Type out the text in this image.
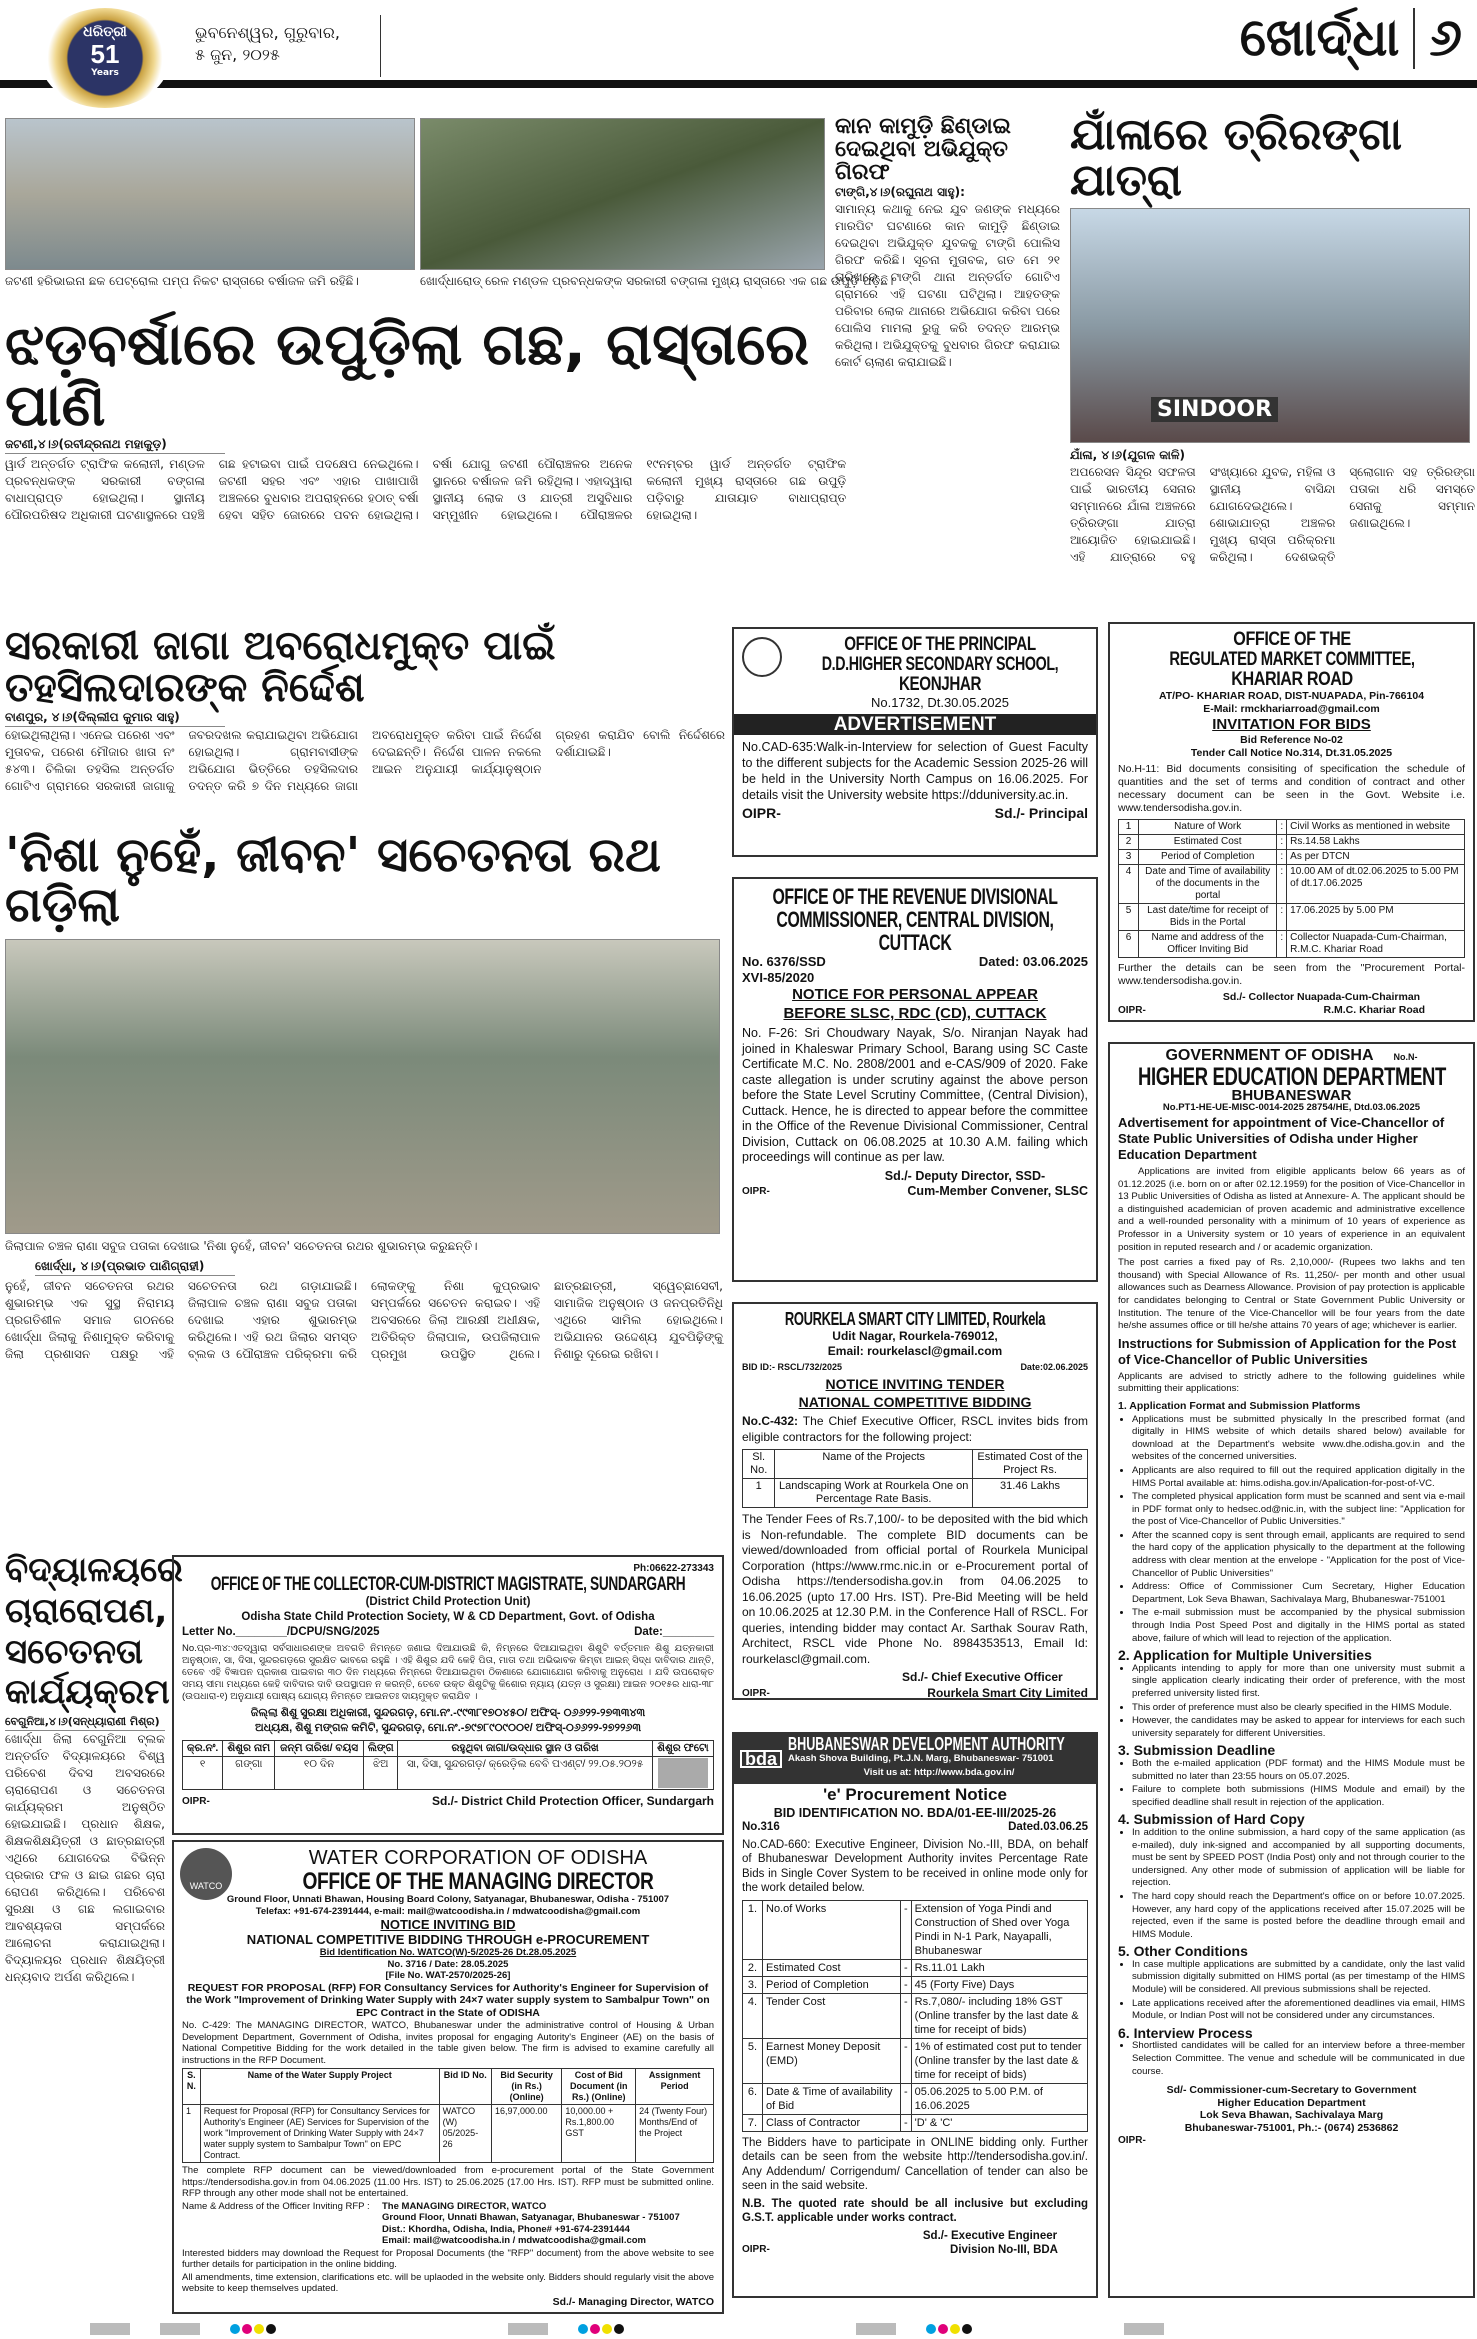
ଧରିତ୍ରୀ
51
Years
ଭୁବନେଶ୍ୱର, ଗୁରୁବାର,
୫ ଜୁନ, ୨୦୨୫	ଖୋର୍ଦ୍ଧା ୬
ଜଟଣୀ ହରିଭାଇନା ଛକ ପେଟ୍ରୋଲ ପମ୍ପ ନିକଟ ରାସ୍ତାରେ ବର୍ଷାଜଳ ଜମି ରହିଛି।	ଖୋର୍ଦ୍ଧାରୋଡ୍ ରେଳ ମଣ୍ଡଳ ପ୍ରବନ୍ଧକଙ୍କ ସରକାରୀ ବଙ୍ଗଳା ମୁଖ୍ୟ ରାସ୍ତାରେ ଏକ ଗଛ ଉପୁଡ଼ି ପଡ଼ିଛି।
ଝଡ଼ବର୍ଷାରେ ଉପୁଡ଼ିଲା ଗଛ, ରାସ୍ତାରେ ପାଣି
ଜଟଣୀ,୪।୬(ରବୀନ୍ଦ୍ରନାଥ ମହାକୁଡ଼)
ୱାର୍ଡ ଅନ୍ତର୍ଗତ ଟ୍ରାଫିକ କଲୋନୀ, ମଣ୍ଡଳ ପ୍ରବନ୍ଧକଙ୍କ ସରକାରୀ ବଙ୍ଗଳା ବାଧାପ୍ରାପ୍ତ ହୋଇଥିଲା। ସ୍ଥାନୀୟ ପୌରପରିଷଦ ଅଧିକାରୀ ଘଟଣାସ୍ଥଳରେ ପହଞ୍ଚି ଗଛ ହଟାଇବା ପାଇଁ ପଦକ୍ଷେପ ନେଇଥିଲେ। ଜଟଣୀ ସହର ଏବଂ ଏହାର ପାଖାପାଖି ଅଞ୍ଚଳରେ ବୁଧବାର ଅପରାହ୍ନରେ ହଠାତ୍ ବର୍ଷା ହେବା ସହିତ ଜୋରରେ ପବନ ହୋଇଥିଲା। ବର୍ଷା ଯୋଗୁ ଜଟଣୀ ପୌରାଞ୍ଚଳର ଅନେକ ସ୍ଥାନରେ ବର୍ଷାଜଳ ଜମି ରହିଥିଲା। ଏହାଦ୍ୱାରା ସ୍ଥାନୀୟ ଲୋକ ଓ ଯାତ୍ରୀ ଅସୁବିଧାର ସମ୍ମୁଖୀନ ହୋଇଥିଲେ। ପୌରାଞ୍ଚଳର ୧୯ନମ୍ବର ୱାର୍ଡ ଅନ୍ତର୍ଗତ ଟ୍ରାଫିକ କଲୋନୀ ମୁଖ୍ୟ ରାସ୍ତାରେ ଗଛ ଉପୁଡ଼ି ପଡ଼ିବାରୁ ଯାତାୟାତ ବାଧାପ୍ରାପ୍ତ ହୋଇଥିଲା।
କାନ କାମୁଡ଼ି ଛିଣ୍ଡାଇ ଦେଇଥିବା ଅଭିଯୁକ୍ତ ଗିରଫ
ଟାଙ୍ଗି,୪।୬(ରଘୁନାଥ ସାହୁ):
ସାମାନ୍ୟ କଥାକୁ ନେଇ ଯୁବ ଜଣଙ୍କ ମଧ୍ୟରେ ମାରପିଟ ଘଟଣାରେ କାନ କାମୁଡ଼ି ଛିଣ୍ଡାଇ ଦେଇଥିବା ଅଭିଯୁକ୍ତ ଯୁବକକୁ ଟାଙ୍ଗି ପୋଲିସ ଗିରଫ କରିଛି। ସୂଚନା ମୁତାବକ, ଗତ ମେ ୨୧ ତାରିଖରେ ଟାଙ୍ଗି ଥାନା ଅନ୍ତର୍ଗତ ଗୋଟିଏ ଗ୍ରାମରେ ଏହି ଘଟଣା ଘଟିଥିଲା। ଆହତଙ୍କ ପରିବାର ଲୋକ ଥାନାରେ ଅଭିଯୋଗ କରିବା ପରେ ପୋଲିସ ମାମଲା ରୁଜୁ କରି ତଦନ୍ତ ଆରମ୍ଭ କରିଥିଲା। ଅଭିଯୁକ୍ତକୁ ବୁଧବାର ଗିରଫ କରାଯାଇ କୋର୍ଟ ଚାଲାଣ କରାଯାଇଛି।
ଯାଁଳାରେ ତ୍ରିରଙ୍ଗା ଯାତ୍ରା
SINDOOR
ଯାଁଳା, ୪।୬(ଯୁଗଳ କାଳି)
ଅପରେସନ ସିନ୍ଦୂର ସଫଳତା ପାଇଁ ଭାରତୀୟ ସେନାର ସମ୍ମାନରେ ଯାଁଳା ଅଞ୍ଚଳରେ ତ୍ରିରଙ୍ଗା ଯାତ୍ରା ଆୟୋଜିତ ହୋଇଯାଇଛି। ଏହି ଯାତ୍ରାରେ ବହୁ ସଂଖ୍ୟାରେ ଯୁବକ, ମହିଳା ଓ ସ୍ଥାନୀୟ ବାସିନ୍ଦା ଯୋଗଦେଇଥିଲେ। ଶୋଭାଯାତ୍ରା ଅଞ୍ଚଳର ମୁଖ୍ୟ ରାସ୍ତା ପରିକ୍ରମା କରିଥିଲା। ଦେଶଭକ୍ତି ସ୍ଲୋଗାନ ସହ ତ୍ରିରଙ୍ଗା ପତାକା ଧରି ସମସ୍ତେ ସେନାକୁ ସମ୍ମାନ ଜଣାଇଥିଲେ।
ସରକାରୀ ଜାଗା ଅବରୋଧମୁକ୍ତ ପାଇଁ ତହସିଲଦାରଙ୍କ ନିର୍ଦ୍ଦେଶ
ବାଣପୁର, ୪।୬(ଦିଲ୍ଲୀପ କୁମାର ସାହୁ)
ହୋଇଥିଲାଥିଲା। ଏନେଇ ପରେଶ ଏବଂ ମୁତାବକ, ପରେଶ ମୌଜାର ଖାତା ନଂ ୫୪୩। ଚିଲିକା ତହସିଲ ଅନ୍ତର୍ଗତ ଗୋଟିଏ ଗ୍ରାମରେ ସରକାରୀ ଜାଗାକୁ ଜବରଦଖଲ କରାଯାଇଥିବା ଅଭିଯୋଗ ହୋଇଥିଲା। ଗ୍ରାମବାସୀଙ୍କ ଅଭିଯୋଗ ଭିତ୍ତିରେ ତହସିଲଦାର ତଦନ୍ତ କରି ୭ ଦିନ ମଧ୍ୟରେ ଜାଗା ଅବରୋଧମୁକ୍ତ କରିବା ପାଇଁ ନିର୍ଦ୍ଦେଶ ଦେଇଛନ୍ତି। ନିର୍ଦ୍ଦେଶ ପାଳନ ନକଲେ ଆଇନ ଅନୁଯାୟୀ କାର୍ଯ୍ୟାନୁଷ୍ଠାନ ଗ୍ରହଣ କରାଯିବ ବୋଲି ନିର୍ଦ୍ଦେଶରେ ଦର୍ଶାଯାଇଛି।
'ନିଶା ନୁହେଁ, ଜୀବନ' ସଚେତନତା ରଥ ଗଡ଼ିଲା
ଜିଲାପାଳ ଚଞ୍ଚଳ ରାଣା ସବୁଜ ପତାକା ଦେଖାଇ 'ନିଶା ନୁହେଁ, ଜୀବନ' ସଚେତନତା ରଥର ଶୁଭାରମ୍ଭ କରୁଛନ୍ତି।
ଖୋର୍ଦ୍ଧା, ୪।୬(ପ୍ରଭାତ ପାଣିଗ୍ରାହୀ)
ନୁହେଁ, ଜୀବନ ସଚେତନତା ରଥର ଶୁଭାରମ୍ଭ ଏକ ସୁସ୍ଥ ନିରାମୟ ପ୍ରଗତିଶୀଳ ସମାଜ ଗଠନରେ ଖୋର୍ଦ୍ଧା ଜିଲାକୁ ନିଶାମୁକ୍ତ କରିବାକୁ ଜିଲା ପ୍ରଶାସନ ପକ୍ଷରୁ ଏହି ସଚେତନତା ରଥ ଗଡ଼ାଯାଇଛି। ଜିଲାପାଳ ଚଞ୍ଚଳ ରାଣା ସବୁଜ ପତାକା ଦେଖାଇ ଏହାର ଶୁଭାରମ୍ଭ କରିଥିଲେ। ଏହି ରଥ ଜିଲାର ସମସ୍ତ ବ୍ଲକ ଓ ପୌରାଞ୍ଚଳ ପରିକ୍ରମା କରି ଲୋକଙ୍କୁ ନିଶା କୁପ୍ରଭାବ ସମ୍ପର୍କରେ ସଚେତନ କରାଇବ। ଏହି ଅବସରରେ ଜିଲା ଆରକ୍ଷୀ ଅଧୀକ୍ଷକ, ଅତିରିକ୍ତ ଜିଲାପାଳ, ଉପଜିଲାପାଳ ପ୍ରମୁଖ ଉପସ୍ଥିତ ଥିଲେ। ଛାତ୍ରଛାତ୍ରୀ, ସ୍ୱେଚ୍ଛାସେବୀ, ସାମାଜିକ ଅନୁଷ୍ଠାନ ଓ ଜନପ୍ରତିନିଧି ଏଥିରେ ସାମିଲ ହୋଇଥିଲେ। ଅଭିଯାନର ଉଦ୍ଦେଶ୍ୟ ଯୁବପିଢ଼ିଙ୍କୁ ନିଶାରୁ ଦୂରେଇ ରଖିବା।
ବିଦ୍ୟାଳୟରେ ଚାରାରୋପଣ, ସଚେତନତା କାର୍ଯ୍ୟକ୍ରମ
ବେଗୁନିଆ,୪।୬(ସନ୍ଧ୍ୟାରାଣୀ ମିଶ୍ର)
ଖୋର୍ଦ୍ଧା ଜିଲା ବେଗୁନିଆ ବ୍ଲକ ଅନ୍ତର୍ଗତ ବିଦ୍ୟାଳୟରେ ବିଶ୍ୱ ପରିବେଶ ଦିବସ ଅବସରରେ ଚାରାରୋପଣ ଓ ସଚେତନତା କାର୍ଯ୍ୟକ୍ରମ ଅନୁଷ୍ଠିତ ହୋଇଯାଇଛି। ପ୍ରଧାନ ଶିକ୍ଷକ, ଶିକ୍ଷକଶିକ୍ଷୟିତ୍ରୀ ଓ ଛାତ୍ରଛାତ୍ରୀ ଏଥିରେ ଯୋଗଦେଇ ବିଭିନ୍ନ ପ୍ରକାର ଫଳ ଓ ଛାଇ ଗଛର ଚାରା ରୋପଣ କରିଥିଲେ। ପରିବେଶ ସୁରକ୍ଷା ଓ ଗଛ ଲଗାଇବାର ଆବଶ୍ୟକତା ସମ୍ପର୍କରେ ଆଲୋଚନା କରାଯାଇଥିଲା। ବିଦ୍ୟାଳୟର ପ୍ରଧାନ ଶିକ୍ଷୟିତ୍ରୀ ଧନ୍ୟବାଦ ଅର୍ପଣ କରିଥିଲେ।
Ph:06622-273343
OFFICE OF THE COLLECTOR-CUM-DISTRICT MAGISTRATE, SUNDARGARH
(District Child Protection Unit)
Odisha State Child Protection Society, W & CD Department, Govt. of Odisha
Letter No.________/DCPU/SNG/2025	Date:________

No.ପ୍ର-୩୪:ଏତଦ୍ୱାରା ସର୍ବସାଧାରଣଙ୍କ ଅବଗତି ନିମନ୍ତେ ଜଣାଇ ଦିଆଯାଉଛି କି, ନିମ୍ନରେ ଦିଆଯାଇଥିବା ଶିଶୁଟି ବର୍ତ୍ତମାନ ଶିଶୁ ଯତ୍ନକାରୀ ଅନୁଷ୍ଠାନ, ସା, ଦିସା, ସୁନ୍ଦରଗଡ଼ରେ ସୁରକ୍ଷିତ ଭାବରେ ରହୁଛି । ଏହି ଶିଶୁର ଯଦି କେହି ପିତା, ମାତା ତଥା ଅଭିଭାବକ କିମ୍ବା ଆଇନ୍ ସିଦ୍ଧ ଦାବିଦାର ଥାନ୍ତି, ତେବେ ଏହି ବିଜ୍ଞାପନ ପ୍ରକାଶ ପାଇବାର ୩୦ ଦିନ ମଧ୍ୟରେ ନିମ୍ନରେ ଦିଆଯାଇଥିବା ଠିକଣାରେ ଯୋଗାଯୋଗ କରିବାକୁ ଅନୁରୋଧ । ଯଦି ଉପରୋକ୍ତ ସମୟ ସୀମା ମଧ୍ୟରେ କେହି ଦାବିଦାର ଦାବି ଉପସ୍ଥାପନ ନ କରନ୍ତି, ତେବେ ଉକ୍ତ ଶିଶୁଟିକୁ କିଶୋର ନ୍ୟାୟ (ଯତ୍ନ ଓ ସୁରକ୍ଷା) ଆଇନ ୨୦୧୫ର ଧାରା-୩୮ (ଉପଧାରା-୧) ଅନୁଯାୟୀ ପୋଷ୍ୟ ଯୋଗ୍ୟ ନିମନ୍ତେ ଆଇନତଃ ଦାୟମୁକ୍ତ କରାଯିବ ।

ଜିଲ୍ଲା ଶିଶୁ ସୁରକ୍ଷା ଅଧିକାରୀ, ସୁନ୍ଦରଗଡ଼, ମୋ.ନଂ.-୯୯୩୮୧୭୦୪୫୦/ ଅଫିସ୍- ୦୬୬୨୨-୨୭୩୩୪୩
ଅଧ୍ୟକ୍ଷ, ଶିଶୁ ମଙ୍ଗଳ କମିଟି, ସୁନ୍ଦରଗଡ଼, ମୋ.ନଂ.-୭୯୭୮୯୦୯୦୦୧/ ଅଫିସ୍-୦୬୬୨୨-୨୭୨୨୬୩
କ୍ର.ନଂ.	ଶିଶୁର ନାମ	ଜନ୍ମ ତାରିଖ/ ବୟସ	ଲିଙ୍ଗ	ରହୁଥିବା ଜାଗା/ଉଦ୍ଧାର ସ୍ଥାନ ଓ ତାରିଖ	ଶିଶୁର ଫଟୋ
୧	ଗଙ୍ଗା	୧୦ ଦିନ	ଝିଅ	ସା, ଦିସା, ସୁନ୍ଦରଗଡ଼/ କ୍ରେଡ଼ିଲ ବେବି ପଏଣ୍ଟ/ ୨୨.୦୫.୨୦୨୫	
OIPR-	Sd./- District Child Protection Officer, Sundargarh
WATCO
WATER CORPORATION OF ODISHA
OFFICE OF THE MANAGING DIRECTOR
Ground Floor, Unnati Bhawan, Housing Board Colony, Satyanagar, Bhubaneswar, Odisha - 751007
Telefax: +91-674-2391444, e-mail: mail@watcoodisha.in / mdwatcoodisha@gmail.com
NOTICE INVITING BID
NATIONAL COMPETITIVE BIDDING THROUGH e-PROCUREMENT
Bid Identification No. WATCO(W)-5/2025-26 Dt.28.05.2025
No. 3716 / Date: 28.05.2025
[File No. WAT-2570/2025-26]
REQUEST FOR PROPOSAL (RFP) FOR Consultancy Services for Authority's Engineer for Supervision of the Work "Improvement of Drinking Water Supply with 24×7 water supply system to Sambalpur Town" on EPC Contract in the State of ODISHA

No. C-429: The MANAGING DIRECTOR, WATCO, Bhubaneswar under the administrative control of Housing & Urban Development Department, Government of Odisha, invites proposal for engaging Autority's Engineer (AE) on the basis of National Competitive Bidding for the work detailed in the table given below. The firm is advised to examine carefully all instructions in the RFP Document.

S. N.	Name of the Water Supply Project	Bid ID No.	Bid Security (in Rs.) (Online)	Cost of Bid Document (in Rs.) (Online)	Assignment Period
1	Request for Proposal (RFP) for Consultancy Services for Authority's Engineer (AE) Services for Supervision of the work "Improvement of Drinking Water Supply with 24×7 water supply system to Sambalpur Town" on EPC Contract.	WATCO (W) 05/2025-26	16,97,000.00	10,000.00 + Rs.1,800.00 GST	24 (Twenty Four) Months/End of the Project

The complete RFP document can be viewed/downloaded from e-procurement portal of the State Government https://tendersodisha.gov.in from 04.06.2025 (11.00 Hrs. IST) to 25.06.2025 (17.00 Hrs. IST). RFP must be submitted online. RFP through any other mode shall not be entertained.

Name & Address of the Officer Inviting RFP :	The MANAGING DIRECTOR, WATCO
Ground Floor, Unnati Bhawan, Satyanagar, Bhubaneswar - 751007
Dist.: Khordha, Odisha, India, Phone# +91-674-2391444
Email: mail@watcoodisha.in / mdwatcoodisha@gmail.com

Interested bidders may download the Request for Proposal Documents (the "RFP" document) from the above website to see further details for participation in the online bidding.

All amendments, time extension, clarifications etc. will be uplaoded in the website only. Bidders should regularly visit the above website to keep themselves updated.

Sd./- Managing Director, WATCO
OFFICE OF THE PRINCIPAL
D.D.HIGHER SECONDARY SCHOOL,
KEONJHAR
No.1732, Dt.30.05.2025
ADVERTISEMENT

No.CAD-635:Walk-in-Interview for selection of Guest Faculty to the different subjects for the Academic Session 2025-26 will be held in the University North Campus on 16.06.2025. For details visit the University website https://dduniversity.ac.in.

OIPR-	Sd./- Principal
OFFICE OF THE REVENUE DIVISIONAL COMMISSIONER, CENTRAL DIVISION, CUTTACK
No. 6376/SSD	Dated: 03.06.2025
XVI-85/2020
NOTICE FOR PERSONAL APPEAR
BEFORE SLSC, RDC (CD), CUTTACK

No. F-26: Sri Choudwary Nayak, S/o. Niranjan Nayak had joined in Khaleswar Primary School, Barang using SC Caste Certificate M.C. No. 2808/2001 and e-CAS/909 of 2020. Fake caste allegation is under scrutiny against the above person before the State Level Scrutiny Committee, (Central Division), Cuttack. Hence, he is directed to appear before the committee in the Office of the Revenue Divisional Commissioner, Central Division, Cuttack on 06.08.2025 at 10.30 A.M. failing which proceedings will continue as per law.

Sd./- Deputy Director, SSD-
OIPR-	Cum-Member Convener, SLSC
ROURKELA SMART CITY LIMITED, Rourkela
Udit Nagar, Rourkela-769012,
Email: rourkelascl@gmail.com
BID ID:- RSCL/732/2025	Date:02.06.2025
NOTICE INVITING TENDER
NATIONAL COMPETITIVE BIDDING

No.C-432: The Chief Executive Officer, RSCL invites bids from eligible contractors for the following project:

Sl. No.	Name of the Projects	Estimated Cost of the Project Rs.
1	Landscaping Work at Rourkela One on Percentage Rate Basis.	31.46 Lakhs

The Tender Fees of Rs.7,100/- to be deposited with the bid which is Non-refundable. The complete BID documents can be viewed/downloaded from official portal of Rourkela Municipal Corporation (https://www.rmc.nic.in or e-Procurement portal of Odisha https://tendersodisha.gov.in from 04.06.2025 to 16.06.2025 (upto 17.00 Hrs. IST). Pre-Bid Meeting will be held on 10.06.2025 at 12.30 P.M. in the Conference Hall of RSCL. For queries, intending bidder may contact Ar. Sarthak Sourav Rath, Architect, RSCL vide Phone No. 8984353513, Email Id: rourkelascl@gmail.com.

Sd./- Chief Executive Officer
OIPR-	Rourkela Smart City Limited
bda
BHUBANESWAR DEVELOPMENT AUTHORITY
Akash Shova Building, Pt.J.N. Marg, Bhubaneswar- 751001
Visit us at: http://www.bda.gov.in/
'e' Procurement Notice
BID IDENTIFICATION NO. BDA/01-EE-III/2025-26
No.316	Dated.03.06.25

No.CAD-660: Executive Engineer, Division No.-III, BDA, on behalf of Bhubaneswar Development Authority invites Percentage Rate Bids in Single Cover System to be received in online mode only for the work detailed below.

1.	No.of Works	-	Extension of Yoga Pindi and Construction of Shed over Yoga Pindi in N-1 Park, Nayapalli, Bhubaneswar
2.	Estimated Cost	-	Rs.11.01 Lakh
3.	Period of Completion	-	45 (Forty Five) Days
4.	Tender Cost	-	Rs.7,080/- including 18% GST (Online transfer by the last date & time for receipt of bids)
5.	Earnest Money Deposit (EMD)	-	1% of estimated cost put to tender (Online transfer by the last date & time for receipt of bids)
6.	Date & Time of availability of Bid	-	05.06.2025 to 5.00 P.M. of 16.06.2025
7.	Class of Contractor	-	'D' & 'C'

The Bidders have to participate in ONLINE bidding only. Further details can be seen from the website http://tendersodisha.gov.in/. Any Addendum/ Corrigendum/ Cancellation of tender can also be seen in the said website.

N.B. The quoted rate should be all inclusive but excluding G.S.T. applicable under works contract.

Sd./- Executive Engineer
OIPR-	Division No-III, BDA
OFFICE OF THE
REGULATED MARKET COMMITTEE,
KHARIAR ROAD
AT/PO- KHARIAR ROAD, DIST-NUAPADA, Pin-766104
E-Mail: rmckhariarroad@gmail.com
INVITATION FOR BIDS
Bid Reference No-02
Tender Call Notice No.314, Dt.31.05.2025

No.H-11: Bid documents consisiting of specification the schedule of quantities and the set of terms and condition of contract and other necessary document can be seen in the Govt. Website i.e. www.tendersodisha.gov.in.

1	Nature of Work	:	Civil Works as mentioned in website
2	Estimated Cost	:	Rs.14.58 Lakhs
3	Period of Completion	:	As per DTCN
4	Date and Time of availability of the documents in the portal	:	10.00 AM of dt.02.06.2025 to 5.00 PM of dt.17.06.2025
5	Last date/time for receipt of Bids in the Portal	:	17.06.2025 by 5.00 PM
6	Name and address of the Officer Inviting Bid	:	Collector Nuapada-Cum-Chairman, R.M.C. Khariar Road

Further the details can be seen from the "Procurement Portal- www.tendersodisha.gov.in.

Sd./- Collector Nuapada-Cum-Chairman
OIPR-	R.M.C. Khariar Road
GOVERNMENT OF ODISHA No.N-
HIGHER EDUCATION DEPARTMENT
BHUBANESWAR
No.PT1-HE-UE-MISC-0014-2025 28754/HE, Dtd.03.06.2025
Advertisement for appointment of Vice-Chancellor of State Public Universities of Odisha under Higher Education Department

Applications are invited from eligible applicants below 66 years as of 01.12.2025 (i.e. born on or after 02.12.1959) for the position of Vice-Chancellor in 13 Public Universities of Odisha as listed at Annexure- A. The applicant should be a distinguished academician of proven academic and administrative excellence and a well-rounded personality with a minimum of 10 years of experience as Professor in a University system or 10 years of experience in an equivalent position in reputed research and / or academic organization.

The post carries a fixed pay of Rs. 2,10,000/- (Rupees two lakhs and ten thousand) with Special Allowance of Rs. 11,250/- per month and other usual allowances such as Dearness Allowance. Provision of pay protection is applicable for candidates belonging to Central or State Government Public University or Institution. The tenure of the Vice-Chancellor will be four years from the date he/she assumes office or till he/she attains 70 years of age; whichever is earlier.

Instructions for Submission of Application for the Post of Vice-Chancellor of Public Universities

Applicants are advised to strictly adhere to the following guidelines while submitting their applications:

1. Application Format and Submission Platforms
• Applications must be submitted physically In the prescribed format (and digitally in HIMS website of which details shared below) available for download at the Department's website www.dhe.odisha.gov.in and the websites of the concerned universities.
• Applicants are also required to fill out the required application digitally in the HIMS Portal available at: hims.odisha.gov.in/Apalication-for-post-of-VC.
• The completed physical application form must be scanned and sent via e-mail in PDF format only to hedsec.od@nic.in, with the subject line: "Application for the post of Vice-Chancellor of Public Universities."
• After the scanned copy is sent through email, applicants are required to send the hard copy of the application physically to the department at the following address with clear mention at the envelope - "Application for the post of Vice-Chancellor of Public Universities"
• Address: Office of Commissioner Cum Secretary, Higher Education Department, Lok Seva Bhawan, Sachivalaya Marg, Bhubaneswar-751001
• The e-mail submission must be accompanied by the physical submission through India Post Speed Post and digitally in the HIMS portal as stated above, failure of which will lead to rejection of the application.
2. Application for Multiple Universities
• Applicants intending to apply for more than one university must submit a single application clearly indicating their order of preference, with the most preferred university listed first.
• This order of preference must also be clearly specified in the HIMS Module.
• However, the candidates may be asked to appear for interviews for each such university separately for different Universities.
3. Submission Deadline
• Both the e-mailed application (PDF format) and the HIMS Module must be submitted no later than 23:55 hours on 05.07.2025.
• Failure to complete both submissions (HIMS Module and email) by the specified deadline shall result in rejection of the application.
4. Submission of Hard Copy
• In addition to the online submission, a hard copy of the same application (as e-mailed), duly ink-signed and accompanied by all supporting documents, must be sent by SPEED POST (India Post) only and not through courier to the undersigned. Any other mode of submission of application will be liable for rejection.
• The hard copy should reach the Department's office on or before 10.07.2025. However, any hard copy of the applications received after 15.07.2025 will be rejected, even if the same is posted before the deadline through email and HIMS Module.
5. Other Conditions
• In case multiple applications are submitted by a candidate, only the last valid submission digitally submitted on HIMS portal (as per timestamp of the HIMS Module) will be considered. All previous submissions shall be rejected.
• Late applications received after the aforementioned deadlines via email, HIMS Module, or Indian Post will not be considered under any circumstances.
6. Interview Process
• Shortlisted candidates will be called for an interview before a three-member Selection Committee. The venue and schedule will be communicated in due course.
Sd/- Commissioner-cum-Secretary to Government
Higher Education Department
Lok Seva Bhawan, Sachivalaya Marg
Bhubaneswar-751001, Ph.:- (0674) 2536862
OIPR-
